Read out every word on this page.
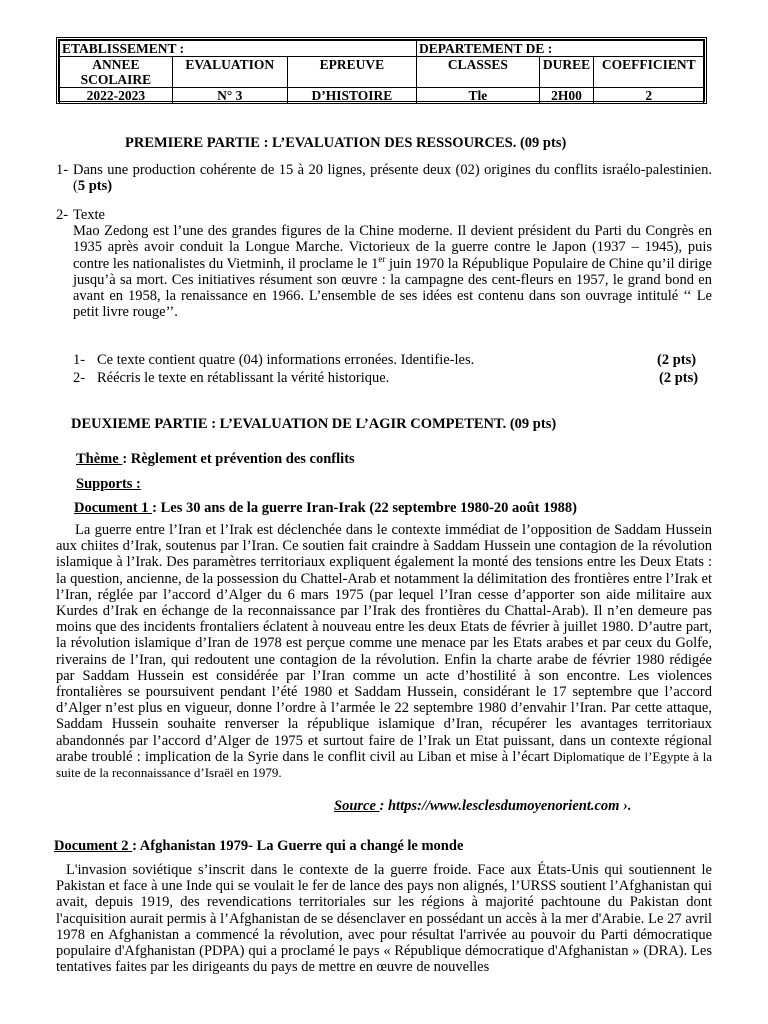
ETABLISSEMENT :			DEPARTEMENT DE :		
ANNEE SCOLAIRE	EVALUATION	EPREUVE	CLASSES	DUREE	COEFFICIENT
2022-2023	N° 3	D’HISTOIRE	Tle	2H00	2
PREMIERE PARTIE : L’EVALUATION DES RESSOURCES. (09 pts)
1- Dans une production cohérente de 15 à 20 lignes, présente deux (02) origines du conflits israélo-palestinien. (5 pts)
2- Texte
Mao Zedong est l’une des grandes figures de la Chine moderne. Il devient président du Parti du Congrès en 1935 après avoir conduit la Longue Marche. Victorieux de la guerre contre le Japon (1937 – 1945), puis contre les nationalistes du Vietminh, il proclame le 1er juin 1970 la République Populaire de Chine qu’il dirige jusqu’à sa mort. Ces initiatives résument son œuvre : la campagne des cent-fleurs en 1957, le grand bond en avant en 1958, la renaissance en 1966. L’ensemble de ses idées est contenu dans son ouvrage intitulé ‘‘ Le petit livre rouge’’.
1- Ce texte contient quatre (04) informations erronées. Identifie-les.	(2 pts)
2- Réécris le texte en rétablissant la vérité historique.	(2 pts)
DEUXIEME PARTIE : L’EVALUATION DE L’AGIR COMPETENT. (09 pts)
Thème : Règlement et prévention des conflits
Supports :
Document 1 : Les 30 ans de la guerre Iran-Irak (22 septembre 1980-20 août 1988)
La guerre entre l’Iran et l’Irak est déclenchée dans le contexte immédiat de l’opposition de Saddam Hussein aux chiites d’Irak, soutenus par l’Iran. Ce soutien fait craindre à Saddam Hussein une contagion de la révolution islamique à l’Irak. Des paramètres territoriaux expliquent également la monté des tensions entre les Deux Etats : la question, ancienne, de la possession du Chattel-Arab et notamment la délimitation des frontières entre l’Irak et l’Iran, réglée par l’accord d’Alger du 6 mars 1975 (par lequel l’Iran cesse d’apporter son aide militaire aux Kurdes d’Irak en échange de la reconnaissance par l’Irak des frontières du Chattal-Arab). Il n’en demeure pas moins que des incidents frontaliers éclatent à nouveau entre les deux Etats de février à juillet 1980. D’autre part, la révolution islamique d’Iran de 1978 est perçue comme une menace par les Etats arabes et par ceux du Golfe, riverains de l’Iran, qui redoutent une contagion de la révolution. Enfin la charte arabe de février 1980 rédigée par Saddam Hussein est considérée par l’Iran comme un acte d’hostilité à son encontre. Les violences frontalières se poursuivent pendant l’été 1980 et Saddam Hussein, considérant le 17 septembre que l’accord d’Alger n’est plus en vigueur, donne l’ordre à l’armée le 22 septembre 1980 d’envahir l’Iran. Par cette attaque, Saddam Hussein souhaite renverser la république islamique d’Iran, récupérer les avantages territoriaux abandonnés par l’accord d’Alger de 1975 et surtout faire de l’Irak un Etat puissant, dans un contexte régional arabe troublé : implication de la Syrie dans le conflit civil au Liban et mise à l’écart Diplomatique de l’Egypte à la suite de la reconnaissance d’Israël en 1979.
Source : https://www.lesclesdumoyenorient.com ›.
Document 2 : Afghanistan 1979- La Guerre qui a changé le monde
L'invasion soviétique s’inscrit dans le contexte de la guerre froide. Face aux États-Unis qui soutiennent le Pakistan et face à une Inde qui se voulait le fer de lance des pays non alignés, l’URSS soutient l’Afghanistan qui avait, depuis 1919, des revendications territoriales sur les régions à majorité pachtoune du Pakistan dont l'acquisition aurait permis à l’Afghanistan de se désenclaver en possédant un accès à la mer d'Arabie. Le 27 avril 1978 en Afghanistan a commencé la révolution, avec pour résultat l'arrivée au pouvoir du Parti démocratique populaire d'Afghanistan (PDPA) qui a proclamé le pays « République démocratique d'Afghanistan » (DRA). Les tentatives faites par les dirigeants du pays de mettre en œuvre de nouvelles
